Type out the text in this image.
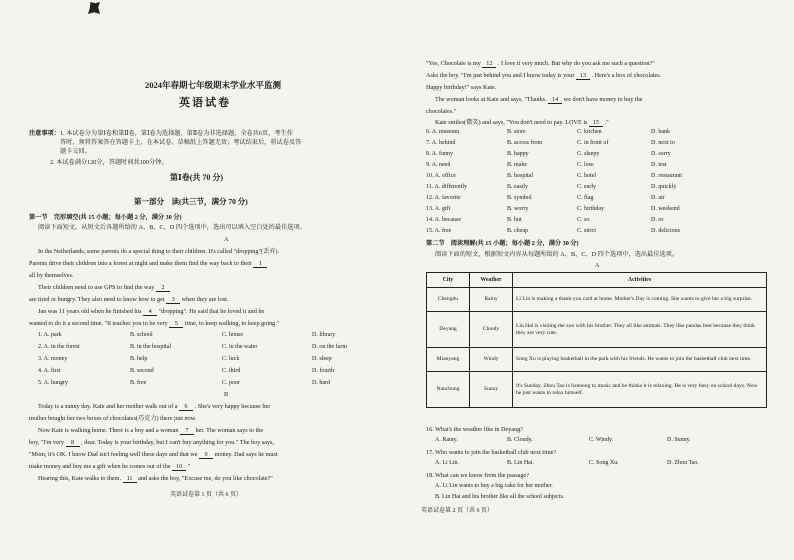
2024年春期七年级期末学业水平监测
英语试卷
注意事项： 1. 本试卷分为第Ⅰ卷和第Ⅱ卷，第Ⅰ卷为选择题，第Ⅱ卷为非选择题，全卷共6页，考生作
答时，须将答案答在答题卡上，在本试卷、草稿纸上答题无效；考试结束后，将试卷及答
题卡交回。
2. 本试卷满分120分，答题时间共100分钟。
第Ⅰ卷(共 70 分)
第一部分　读(共三节，满分 70 分)
第一节　完形填空(共 15 小题；每小题 2 分，满分 30 分)
阅读下面短文，从短文后各题所给的 A、B、C、D 四个选项中，选出可以填入空白处的最佳选项。
A
In the Netherlands, some parents do a special thing to their children. It's called "dropping"(丢弃).
Parents drive their children into a forest at night and make them find the way back to their 1
all by themselves.
Their children need to use GPS to find the way 2
are tired or hungry. They also need to know how to get 3 when they are lost.
Jan was 11 years old when he finished his 4 "dropping". He said that he loved it and he
wanted to do it a second time. "It teaches you to be very 5 time, to keep walking, to keep going."
1. A. park	B. school	C. house	D. library
2. A. in the forest	B. in the hospital	C. in the water	D. on the farm
3. A. money	B. help	C. luck	D. sleep
4. A. first	B. second	C. third	D. fourth
5. A. hungry	B. free	C. poor	D. hard
B
Today is a sunny day. Kate and her mother walk out of a 6 . She's very happy because her
mother bought her two boxes of chocolates(巧克力) there just now.
Now Kate is walking home. There is a boy and a woman 7 her. The woman says to the
boy, "I'm very 8 , dear. Today is your birthday, but I can't buy anything for you." The boy says,
"Mom, it's OK. I know Dad isn't feeling well these days and that we 9 money. Dad says he must
make money and buy me a gift when he comes out of the 10 "
Hearing this, Kate walks to them. 11 and asks the boy, "Excuse me, do you like chocolate?"
英语试卷第 1 页（共 6 页）
"Yes, Chocolate is my 12 . I love it very much. But why do you ask me such a question?"
Asks the boy. "I'm just behind you and I know today is your 13 . Here's a box of chocolates.
Happy birthday!" says Kate.
The woman looks at Kate and says, "Thanks. 14 we don't have money to buy the
chocolates."
Kate smiles(微笑) and says, "You don't need to pay. LOVE is 15 ."
6. A. museum	B. store	C. kitchen	D. bank
7. A. behind	B. across from	C. in front of	D. next to
8. A. funny	B. happy	C. sleepy	D. sorry
9. A. need	B. make	C. lose	D. test
10. A. office	B. hospital	C. hotel	D. restaurant
11. A. differently	B. easily	C. early	D. quickly
12. A. favorite	B. symbol	C. flag	D. air
13. A. gift	B. worry	C. birthday	D. weekend
14. A. because	B. but	C. so	D. or
15. A. free	B. cheap	C. strict	D. delicious
第二节　阅读理解(共 15 小题；每小题 2 分，满分 30 分)
阅读下面的短文，根据短文内容从每题所给的 A、B、C、D 四个选项中，选出最佳选项。
A
City	Weather	Activities
Chengdu	Rainy	Li Lin is making a thank-you card at home. Mother's Day is coming. She wants to give her a big surprise.
Deyang	Cloudy	Lin Hai is visiting the zoo with his brother. They all like animals. They like pandas best because they think they are very cute.
Mianyang	Windy	Song Xu is playing basketball in the park with his friends. He wants to join the basketball club next time.
Nanchong	Sunny	It's Sunday. Zhou Tao is listening to music and he thinks it is relaxing. He is very busy on school days. Now he just wants to relax himself.
16. What's the weather like in Deyang?
A. Rainy.	B. Cloudy.	C. Windy.	D. Sunny.
17. Who wants to join the basketball club next time?
A. Li Lin.	B. Lin Hai.	C. Song Xu.	D. Zhou Tao.
18. What can we know from the passage?
A. Li Lin wants to buy a big cake for her mother.
B. Lin Hai and his brother like all the school subjects.
英语试卷第 2 页（共 6 页）
